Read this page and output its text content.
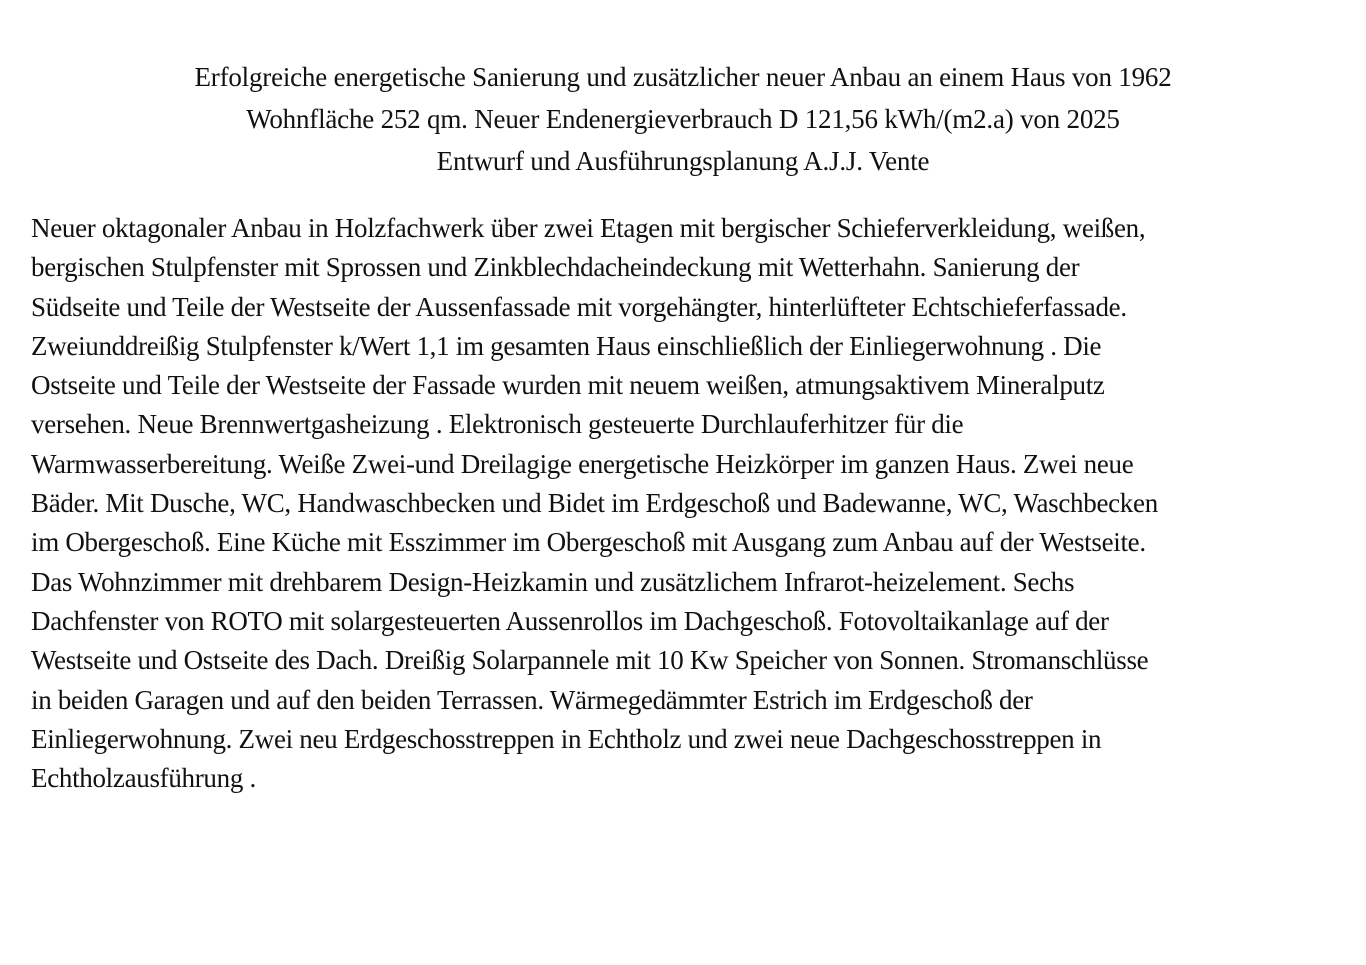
Erfolgreiche energetische Sanierung und zusätzlicher neuer Anbau an einem Haus von 1962
Wohnfläche 252 qm. Neuer Endenergieverbrauch D 121,56 kWh/(m2.a) von 2025
Entwurf und Ausführungsplanung A.J.J. Vente
Neuer oktagonaler Anbau in Holzfachwerk über zwei Etagen mit bergischer Schieferverkleidung, weißen,
bergischen Stulpfenster mit Sprossen und Zinkblechdacheindeckung mit Wetterhahn. Sanierung der
Südseite und Teile der Westseite der Aussenfassade mit vorgehängter, hinterlüfteter Echtschieferfassade.
Zweiunddreißig Stulpfenster k/Wert 1,1 im gesamten Haus einschließlich der Einliegerwohnung . Die
Ostseite und Teile der Westseite der Fassade wurden mit neuem weißen, atmungsaktivem Mineralputz
versehen. Neue Brennwertgasheizung . Elektronisch gesteuerte Durchlauferhitzer für die
Warmwasserbereitung. Weiße Zwei-und Dreilagige energetische Heizkörper im ganzen Haus. Zwei neue
Bäder. Mit Dusche, WC, Handwaschbecken und Bidet im Erdgeschoß und Badewanne, WC, Waschbecken
im Obergeschoß. Eine Küche mit Esszimmer im Obergeschoß mit Ausgang zum Anbau auf der Westseite.
Das Wohnzimmer mit drehbarem Design-Heizkamin und zusätzlichem Infrarot-heizelement. Sechs
Dachfenster von ROTO mit solargesteuerten Aussenrollos im Dachgeschoß. Fotovoltaikanlage auf der
Westseite und Ostseite des Dach. Dreißig Solarpannele mit 10 Kw Speicher von Sonnen. Stromanschlüsse
in beiden Garagen und auf den beiden Terrassen. Wärmegedämmter Estrich im Erdgeschoß der
Einliegerwohnung. Zwei neu Erdgeschosstreppen in Echtholz und zwei neue Dachgeschosstreppen in
Echtholzausführung .
